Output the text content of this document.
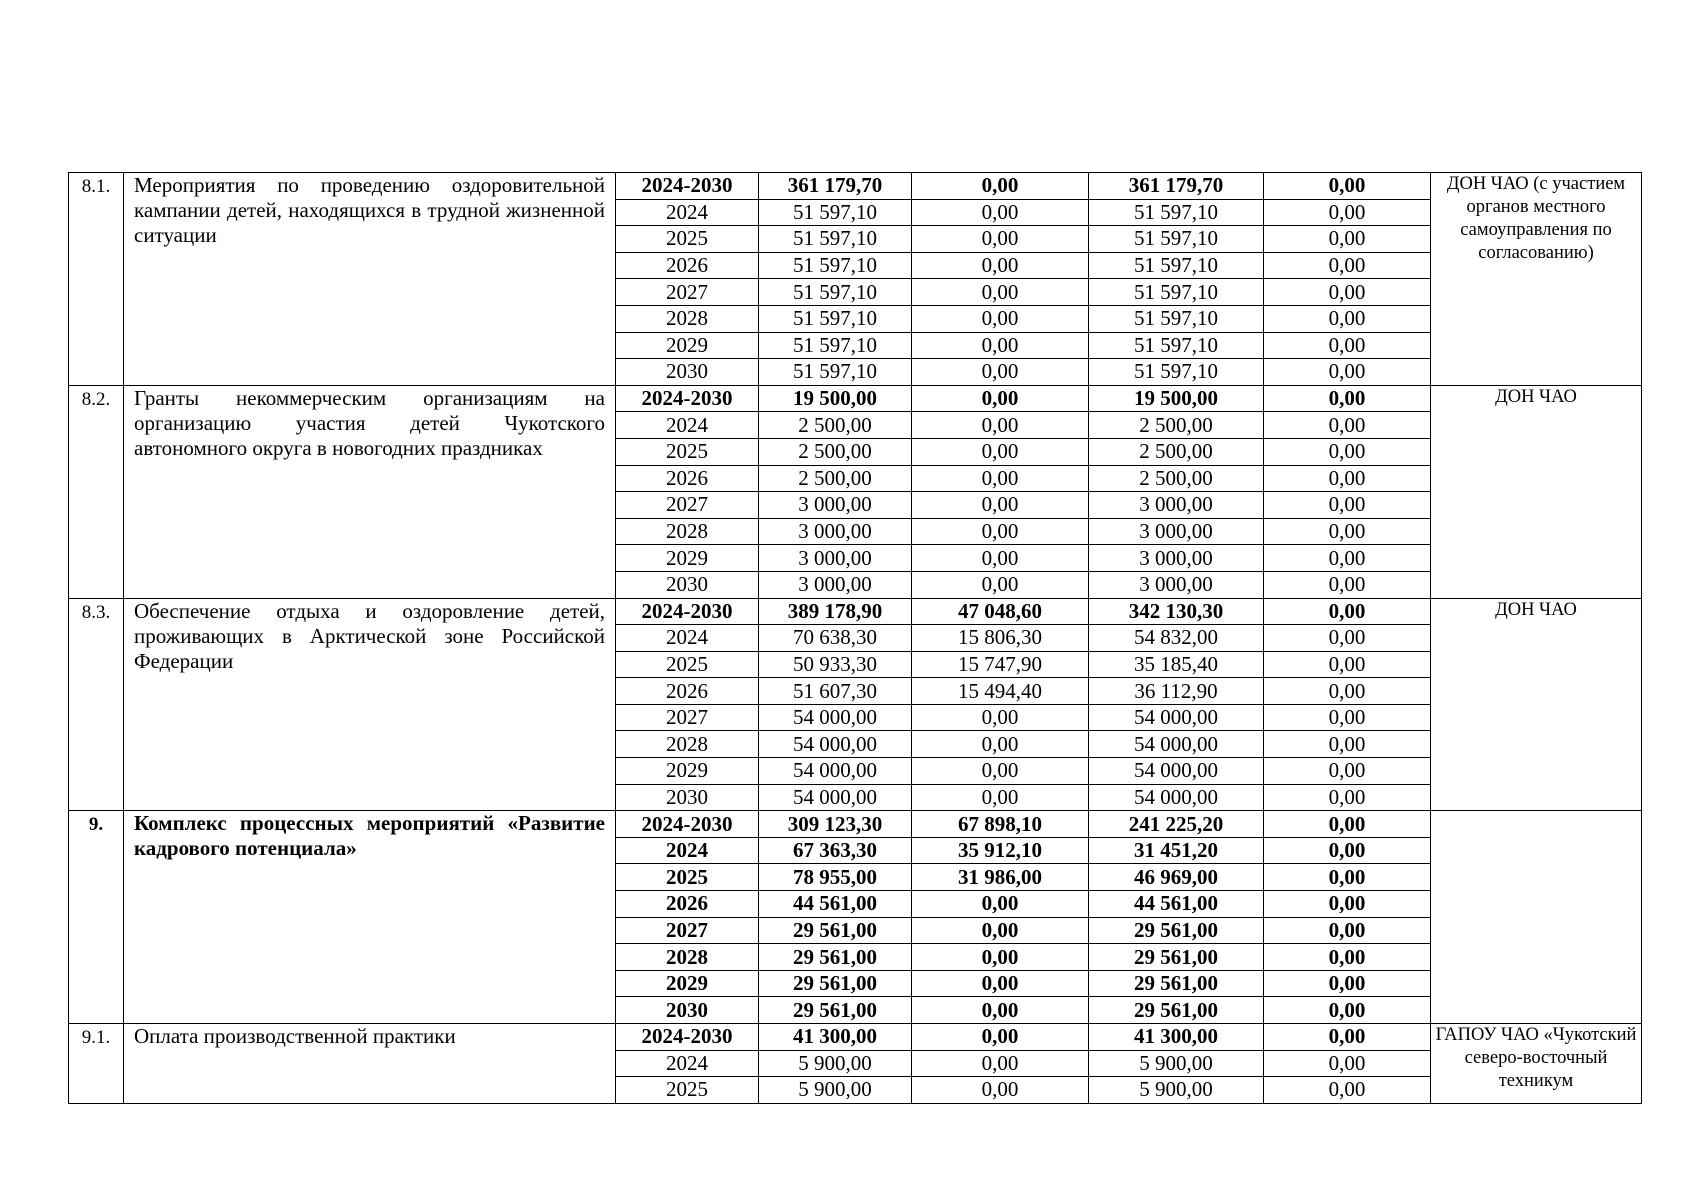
8.1.	Мероприятия по проведению оздоровительной кампании детей, находящихся в трудной жизненной ситуации	2024-2030	361 179,70	0,00	361 179,70	0,00	ДОН ЧАО (с участием органов местного самоуправления по согласованию)
		2024	51 597,10	0,00	51 597,10	0,00	
		2025	51 597,10	0,00	51 597,10	0,00	
		2026	51 597,10	0,00	51 597,10	0,00	
		2027	51 597,10	0,00	51 597,10	0,00	
		2028	51 597,10	0,00	51 597,10	0,00	
		2029	51 597,10	0,00	51 597,10	0,00	
		2030	51 597,10	0,00	51 597,10	0,00	
8.2.	Гранты некоммерческим организациям на организацию участия детей Чукотского автономного округа в новогодних праздниках	2024-2030	19 500,00	0,00	19 500,00	0,00	ДОН ЧАО
		2024	2 500,00	0,00	2 500,00	0,00	
		2025	2 500,00	0,00	2 500,00	0,00	
		2026	2 500,00	0,00	2 500,00	0,00	
		2027	3 000,00	0,00	3 000,00	0,00	
		2028	3 000,00	0,00	3 000,00	0,00	
		2029	3 000,00	0,00	3 000,00	0,00	
		2030	3 000,00	0,00	3 000,00	0,00	
8.3.	Обеспечение отдыха и оздоровление детей, проживающих в Арктической зоне Российской Федерации	2024-2030	389 178,90	47 048,60	342 130,30	0,00	ДОН ЧАО
		2024	70 638,30	15 806,30	54 832,00	0,00	
		2025	50 933,30	15 747,90	35 185,40	0,00	
		2026	51 607,30	15 494,40	36 112,90	0,00	
		2027	54 000,00	0,00	54 000,00	0,00	
		2028	54 000,00	0,00	54 000,00	0,00	
		2029	54 000,00	0,00	54 000,00	0,00	
		2030	54 000,00	0,00	54 000,00	0,00	
9.	Комплекс процессных мероприятий «Развитие кадрового потенциала»	2024-2030	309 123,30	67 898,10	241 225,20	0,00	
		2024	67 363,30	35 912,10	31 451,20	0,00	
		2025	78 955,00	31 986,00	46 969,00	0,00	
		2026	44 561,00	0,00	44 561,00	0,00	
		2027	29 561,00	0,00	29 561,00	0,00	
		2028	29 561,00	0,00	29 561,00	0,00	
		2029	29 561,00	0,00	29 561,00	0,00	
		2030	29 561,00	0,00	29 561,00	0,00	
9.1.	Оплата производственной практики	2024-2030	41 300,00	0,00	41 300,00	0,00	ГАПОУ ЧАО «Чукотский северо-восточный техникум
		2024	5 900,00	0,00	5 900,00	0,00	
		2025	5 900,00	0,00	5 900,00	0,00	
